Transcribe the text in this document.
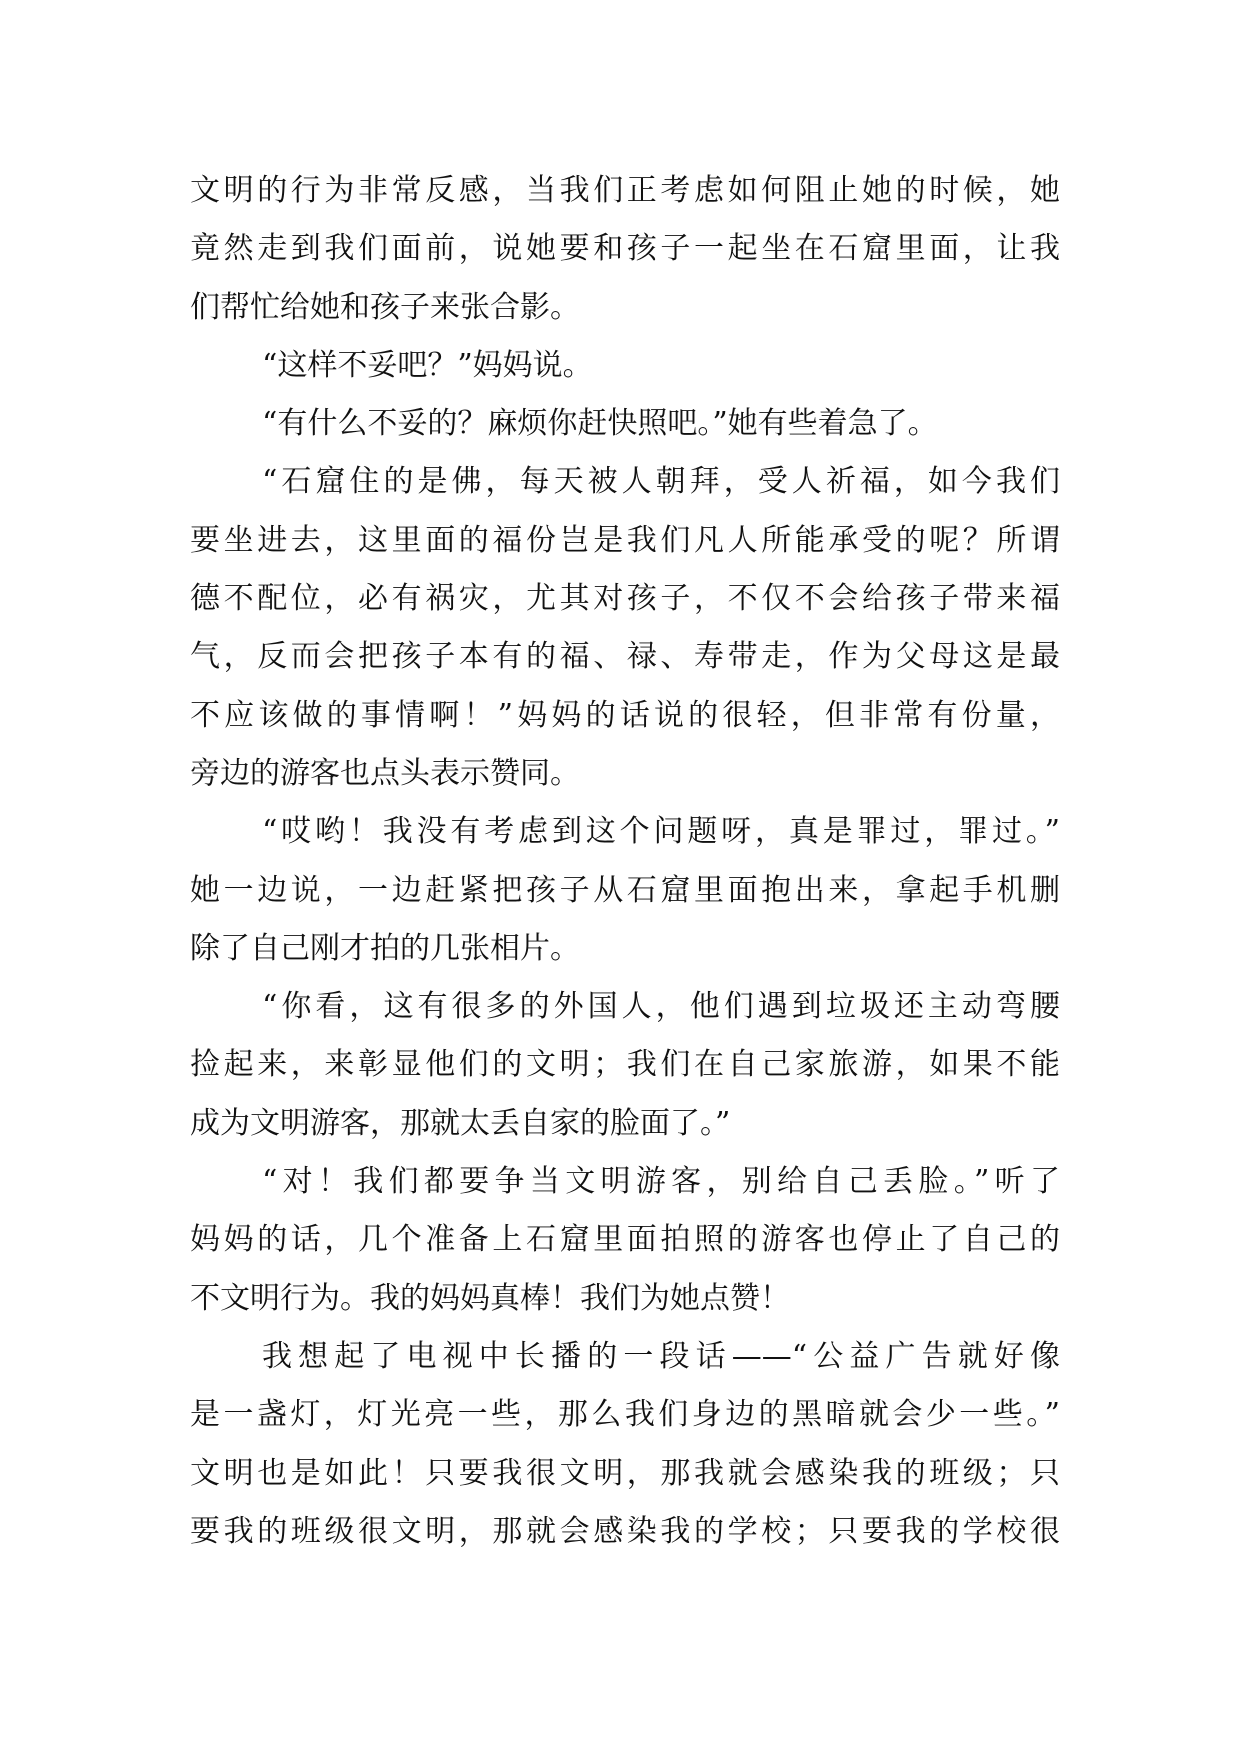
文明的行为非常反感，当我们正考虑如何阻止她的时候，她
竟然走到我们面前，说她要和孩子一起坐在石窟里面，让我
们帮忙给她和孩子来张合影。
“这样不妥吧？”妈妈说。
“有什么不妥的？麻烦你赶快照吧。”她有些着急了。
“石窟住的是佛，每天被人朝拜，受人祈福，如今我们
要坐进去，这里面的福份岂是我们凡人所能承受的呢？所谓
德不配位，必有祸灾，尤其对孩子，不仅不会给孩子带来福
气，反而会把孩子本有的福、禄、寿带走，作为父母这是最
不应该做的事情啊！”妈妈的话说的很轻，但非常有份量，
旁边的游客也点头表示赞同。
“哎哟！我没有考虑到这个问题呀，真是罪过，罪过。”
她一边说，一边赶紧把孩子从石窟里面抱出来，拿起手机删
除了自己刚才拍的几张相片。
“你看，这有很多的外国人，他们遇到垃圾还主动弯腰
捡起来，来彰显他们的文明；我们在自己家旅游，如果不能
成为文明游客，那就太丢自家的脸面了。”
“对！我们都要争当文明游客，别给自己丢脸。”听了
妈妈的话，几个准备上石窟里面拍照的游客也停止了自己的
不文明行为。我的妈妈真棒！我们为她点赞！
我想起了电视中长播的一段话——“公益广告就好像
是一盏灯，灯光亮一些，那么我们身边的黑暗就会少一些。”
文明也是如此！只要我很文明，那我就会感染我的班级；只
要我的班级很文明，那就会感染我的学校；只要我的学校很
